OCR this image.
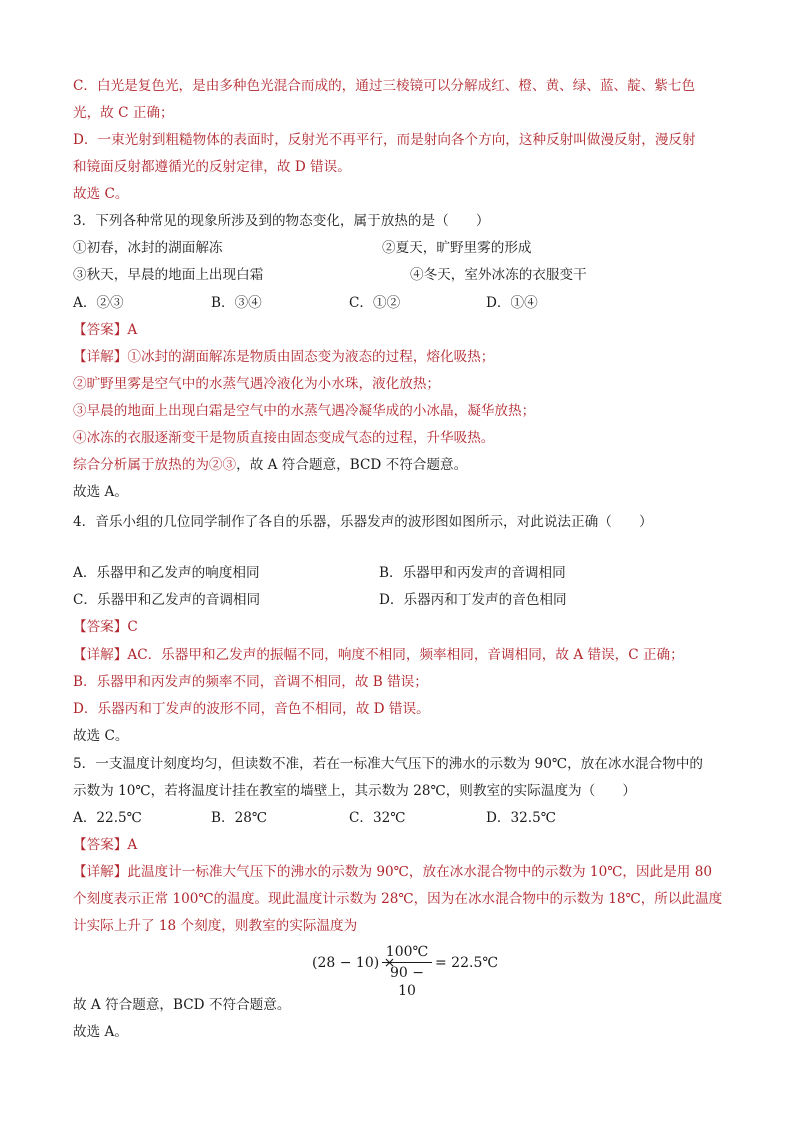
C．白光是复色光，是由多种色光混合而成的，通过三棱镜可以分解成红、橙、黄、绿、蓝、靛、紫七色
光，故 C 正确；
D．一束光射到粗糙物体的表面时，反射光不再平行，而是射向各个方向，这种反射叫做漫反射，漫反射
和镜面反射都遵循光的反射定律，故 D 错误。
故选 C。
3．下列各种常见的现象所涉及到的物态变化，属于放热的是（　　）
①初春，冰封的湖面解冻	②夏天，旷野里雾的形成
③秋天，早晨的地面上出现白霜	④冬天，室外冰冻的衣服变干
A．②③	B．③④	C．①②	D．①④
【答案】A
【详解】①冰封的湖面解冻是物质由固态变为液态的过程，熔化吸热；
②旷野里雾是空气中的水蒸气遇冷液化为小水珠，液化放热；
③早晨的地面上出现白霜是空气中的水蒸气遇冷凝华成的小冰晶，凝华放热；
④冰冻的衣服逐渐变干是物质直接由固态变成气态的过程，升华吸热。
综合分析属于放热的为②③，故 A 符合题意，BCD 不符合题意。
故选 A。
4．音乐小组的几位同学制作了各自的乐器，乐器发声的波形图如图所示，对此说法正确（　　）
A．乐器甲和乙发声的响度相同	B．乐器甲和丙发声的音调相同
C．乐器甲和乙发声的音调相同	D．乐器丙和丁发声的音色相同
【答案】C
【详解】AC．乐器甲和乙发声的振幅不同，响度不相同，频率相同，音调相同，故 A 错误，C 正确；
B．乐器甲和丙发声的频率不同，音调不相同，故 B 错误；
D．乐器丙和丁发声的波形不同，音色不相同，故 D 错误。
故选 C。
5．一支温度计刻度均匀，但读数不准，若在一标准大气压下的沸水的示数为 90℃，放在冰水混合物中的
示数为 10℃，若将温度计挂在教室的墙壁上，其示数为 28℃，则教室的实际温度为（　　）
A．22.5℃	B．28℃	C．32℃	D．32.5℃
【答案】A
【详解】此温度计一标准大气压下的沸水的示数为 90℃，放在冰水混合物中的示数为 10℃，因此是用 80
个刻度表示正常 100℃的温度。现此温度计示数为 28℃，因为在冰水混合物中的示数为 18℃，所以此温度
计实际上升了 18 个刻度，则教室的实际温度为
(28 − 10) ×
100℃
90 − 10
= 22.5℃
故 A 符合题意，BCD 不符合题意。
故选 A。
